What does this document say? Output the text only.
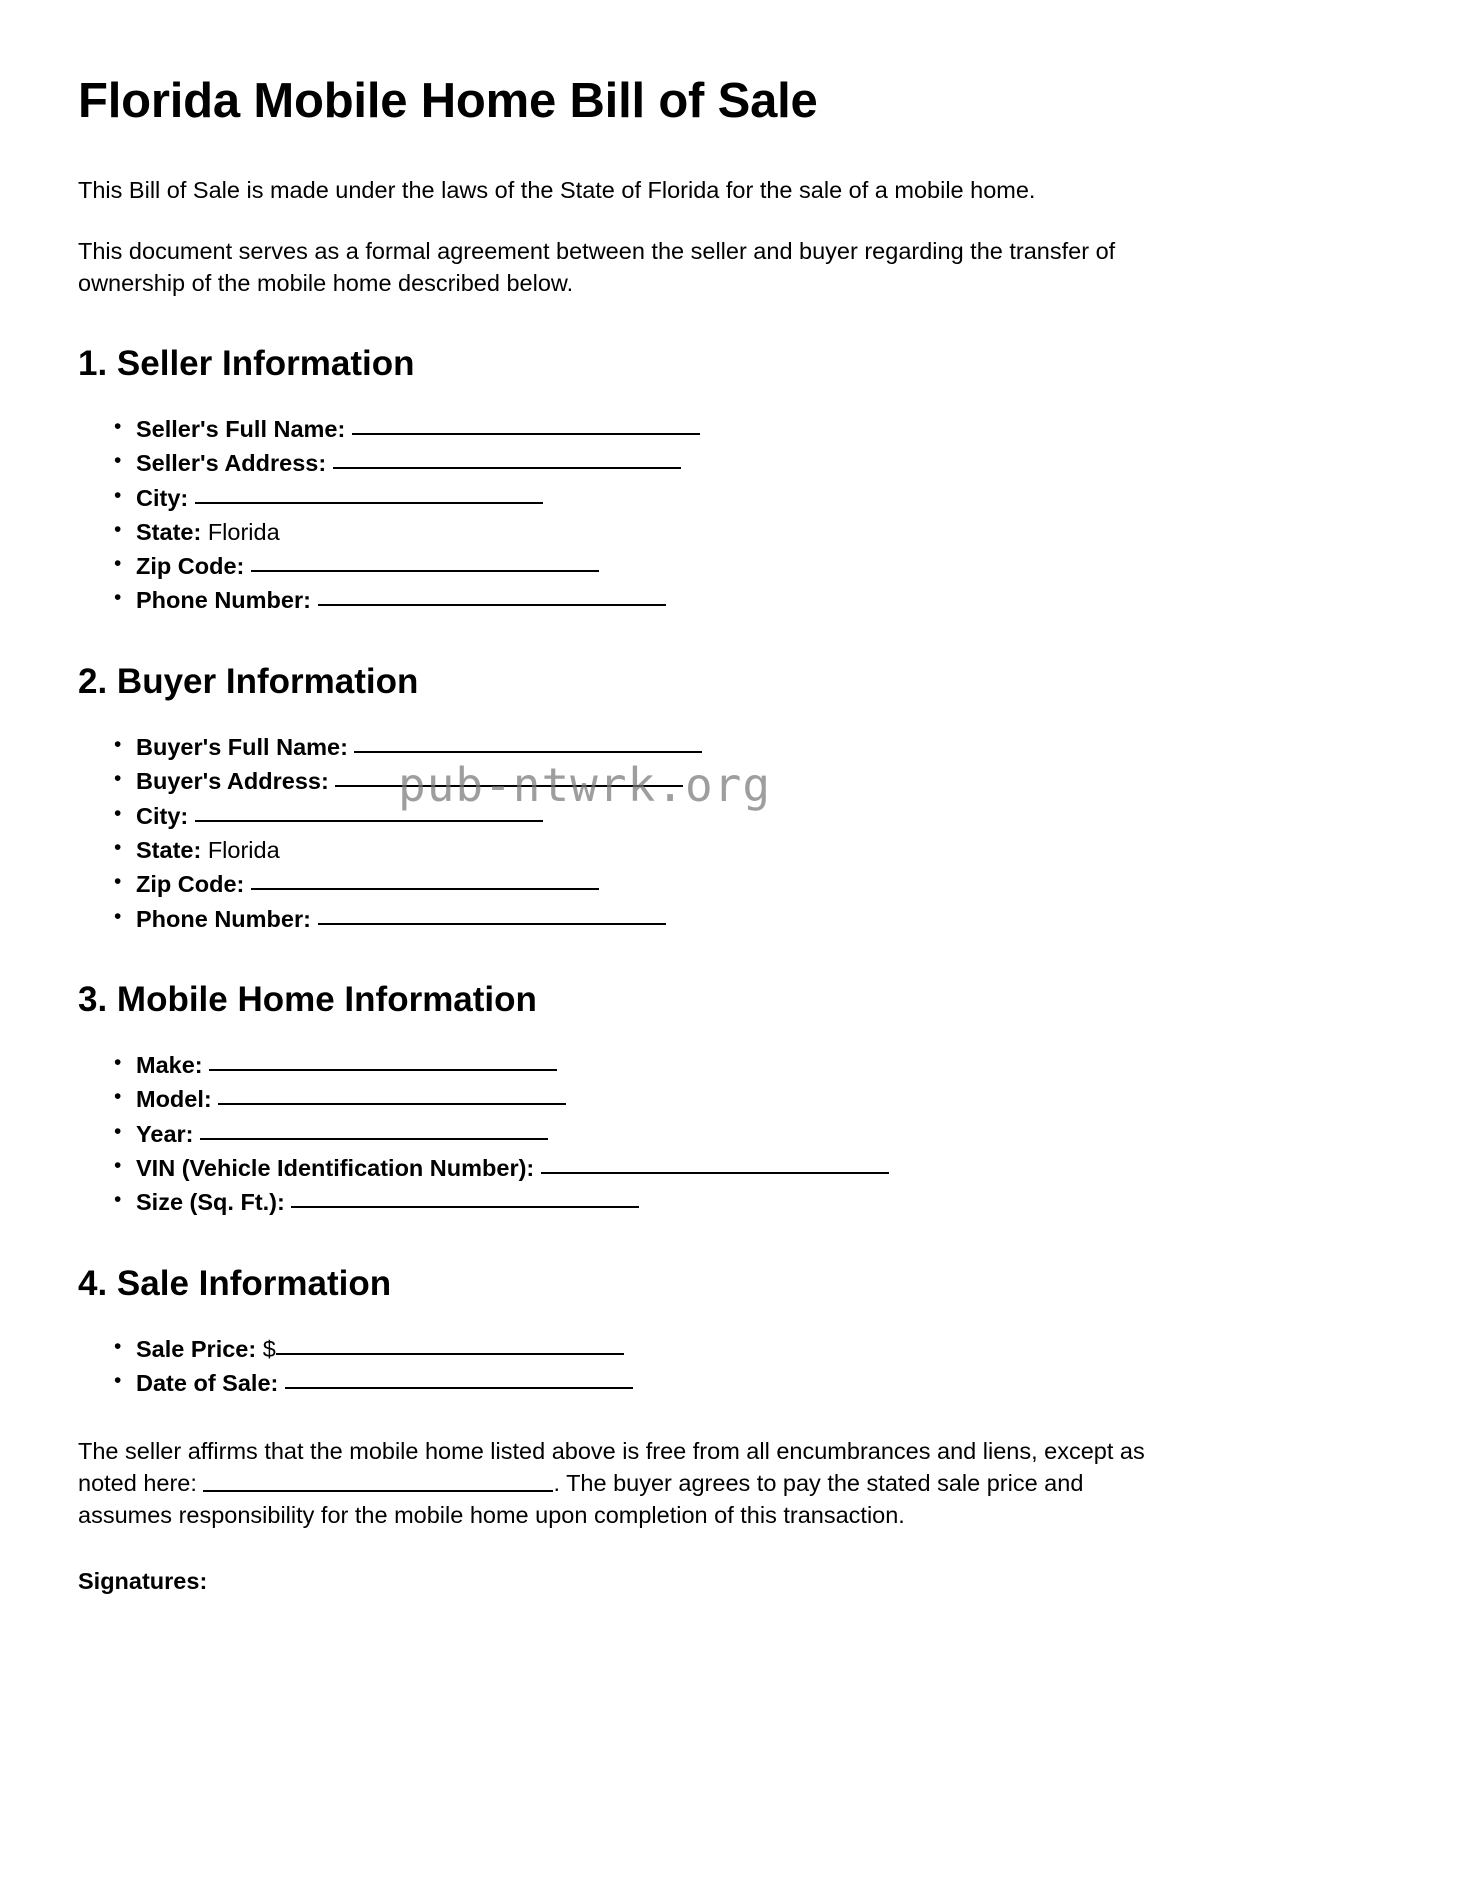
Florida Mobile Home Bill of Sale

This Bill of Sale is made under the laws of the State of Florida for the sale of a mobile home.

This document serves as a formal agreement between the seller and buyer regarding the transfer of ownership of the mobile home described below.

1. Seller Information
• Seller's Full Name:
• Seller's Address:
• City:
• State: Florida
• Zip Code:
• Phone Number:
2. Buyer Information
• Buyer's Full Name:
• Buyer's Address:
• City:
• State: Florida
• Zip Code:
• Phone Number:
3. Mobile Home Information
• Make:
• Model:
• Year:
• VIN (Vehicle Identification Number):
• Size (Sq. Ft.):
4. Sale Information
• Sale Price: $
• Date of Sale:

The seller affirms that the mobile home listed above is free from all encumbrances and liens, except as noted here:	. The buyer agrees to pay the stated sale price and assumes responsibility for the mobile home upon completion of this transaction.

Signatures:

pub-ntwrk.org
